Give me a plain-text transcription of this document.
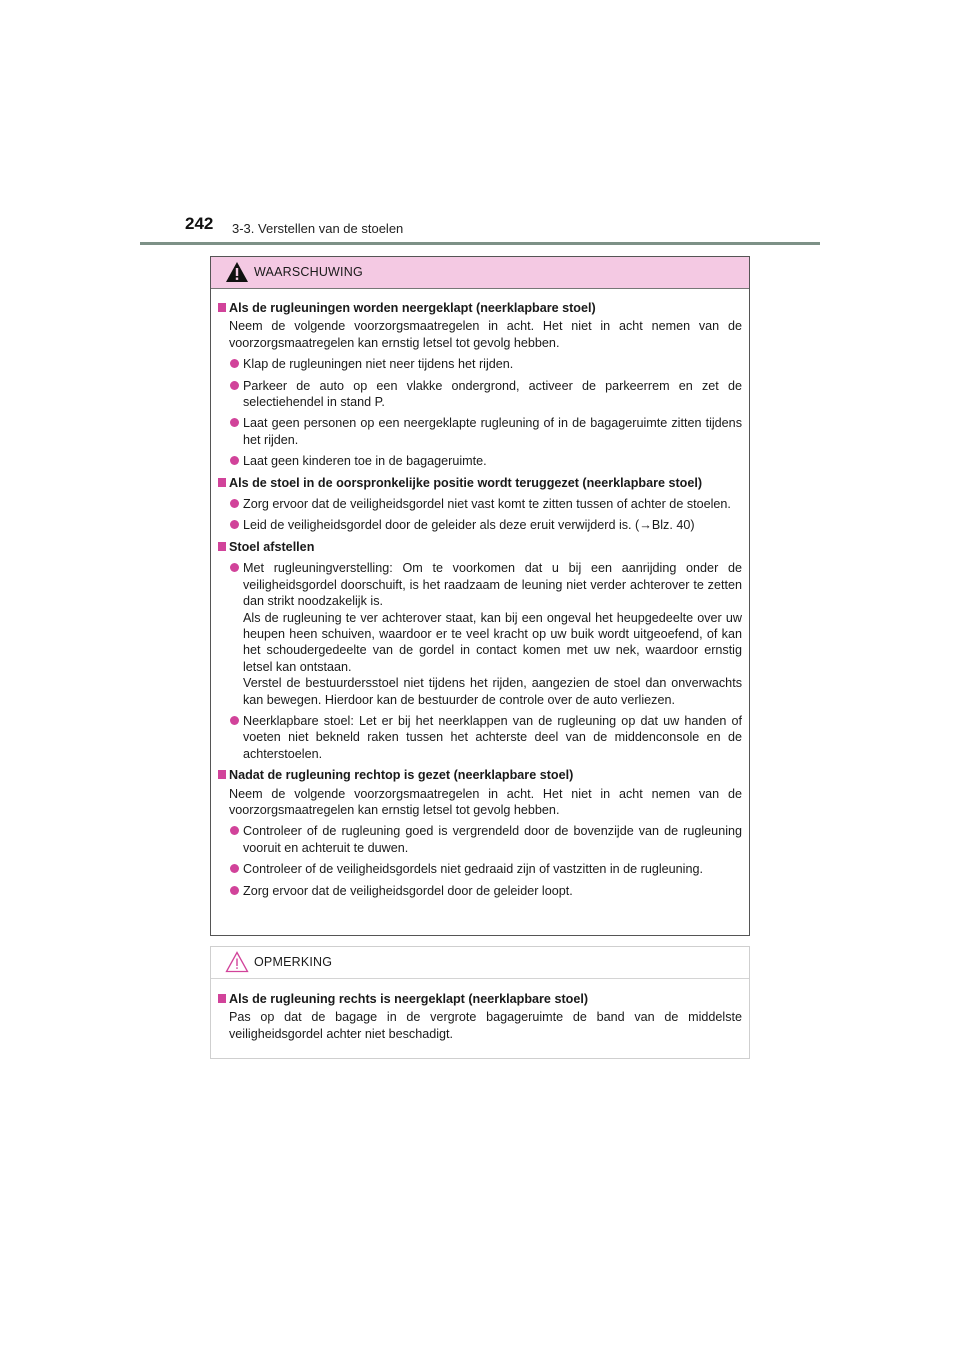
242 3-3. Verstellen van de stoelen
WAARSCHUWING
Als de rugleuningen worden neergeklapt (neerklapbare stoel)
Neem de volgende voorzorgsmaatregelen in acht. Het niet in acht nemen van de voorzorgsmaatregelen kan ernstig letsel tot gevolg hebben.

Klap de rugleuningen niet neer tijdens het rijden.

Parkeer de auto op een vlakke ondergrond, activeer de parkeerrem en zet de selectiehendel in stand P.

Laat geen personen op een neergeklapte rugleuning of in de bagageruimte zitten tijdens het rijden.

Laat geen kinderen toe in de bagageruimte.

Als de stoel in de oorspronkelijke positie wordt teruggezet (neerklapbare stoel)

Zorg ervoor dat de veiligheidsgordel niet vast komt te zitten tussen of achter de stoelen.

Leid de veiligheidsgordel door de geleider als deze eruit verwijderd is. (→Blz. 40)

Stoel afstellen

Met rugleuningverstelling: Om te voorkomen dat u bij een aanrijding onder de veiligheidsgordel doorschuift, is het raadzaam de leuning niet verder achterover te zetten dan strikt noodzakelijk is.

Als de rugleuning te ver achterover staat, kan bij een ongeval het heupgedeelte over uw heupen heen schuiven, waardoor er te veel kracht op uw buik wordt uitgeoefend, of kan het schoudergedeelte van de gordel in contact komen met uw nek, waardoor ernstig letsel kan ontstaan.

Verstel de bestuurdersstoel niet tijdens het rijden, aangezien de stoel dan onverwachts kan bewegen. Hierdoor kan de bestuurder de controle over de auto verliezen.

Neerklapbare stoel: Let er bij het neerklappen van de rugleuning op dat uw handen of voeten niet bekneld raken tussen het achterste deel van de middenconsole en de achterstoelen.

Nadat de rugleuning rechtop is gezet (neerklapbare stoel)
Neem de volgende voorzorgsmaatregelen in acht. Het niet in acht nemen van de voorzorgsmaatregelen kan ernstig letsel tot gevolg hebben.

Controleer of de rugleuning goed is vergrendeld door de bovenzijde van de rugleuning vooruit en achteruit te duwen.

Controleer of de veiligheidsgordels niet gedraaid zijn of vastzitten in de rugleuning.

Zorg ervoor dat de veiligheidsgordel door de geleider loopt.

OPMERKING
Als de rugleuning rechts is neergeklapt (neerklapbare stoel)
Pas op dat de bagage in de vergrote bagageruimte de band van de middelste veiligheidsgordel achter niet beschadigt.
